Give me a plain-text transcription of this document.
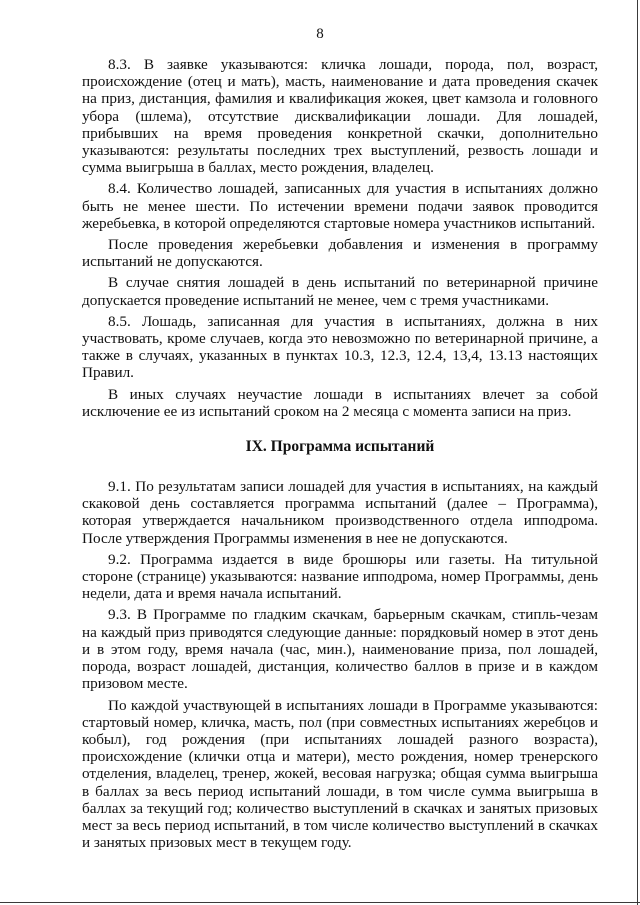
8

8.3. В заявке указываются: кличка лошади, порода, пол, возраст, происхождение (отец и мать), масть, наименование и дата проведения скачек на приз, дистанция, фамилия и квалификация жокея, цвет камзола и головного убора (шлема), отсутствие дисквалификации лошади. Для лошадей, прибывших на время проведения конкретной скачки, дополнительно указываются: результаты последних трех выступлений, резвость лошади и сумма выигрыша в баллах, место рождения, владелец.

8.4. Количество лошадей, записанных для участия в испытаниях должно быть не менее шести. По истечении времени подачи заявок проводится жеребьевка, в которой определяются стартовые номера участников испытаний.

После проведения жеребьевки добавления и изменения в программу испытаний не допускаются.

В случае снятия лошадей в день испытаний по ветеринарной причине допускается проведение испытаний не менее, чем с тремя участниками.

8.5. Лошадь, записанная для участия в испытаниях, должна в них участвовать, кроме случаев, когда это невозможно по ветеринарной причине, а также в случаях, указанных в пунктах 10.3, 12.3, 12.4, 13,4, 13.13 настоящих Правил.

В иных случаях неучастие лошади в испытаниях влечет за собой исключение ее из испытаний сроком на 2 месяца с момента записи на приз.

IX. Программа испытаний

9.1. По результатам записи лошадей для участия в испытаниях, на каждый скаковой день составляется программа испытаний (далее – Программа), которая утверждается начальником производственного отдела ипподрома. После утверждения Программы изменения в нее не допускаются.

9.2. Программа издается в виде брошюры или газеты. На титульной стороне (странице) указываются: название ипподрома, номер Программы, день недели, дата и время начала испытаний.

9.3. В Программе по гладким скачкам, барьерным скачкам, стипль-чезам на каждый приз приводятся следующие данные: порядковый номер в этот день и в этом году, время начала (час, мин.), наименование приза, пол лошадей, порода, возраст лошадей, дистанция, количество баллов в призе и в каждом призовом месте.

По каждой участвующей в испытаниях лошади в Программе указываются: стартовый номер, кличка, масть, пол (при совместных испытаниях жеребцов и кобыл), год рождения (при испытаниях лошадей разного возраста), происхождение (клички отца и матери), место рождения, номер тренерского отделения, владелец, тренер, жокей, весовая нагрузка; общая сумма выигрыша в баллах за весь период испытаний лошади, в том числе сумма выигрыша в баллах за текущий год; количество выступлений в скачках и занятых призовых мест за весь период испытаний, в том числе количество выступлений в скачках и занятых призовых мест в текущем году.
